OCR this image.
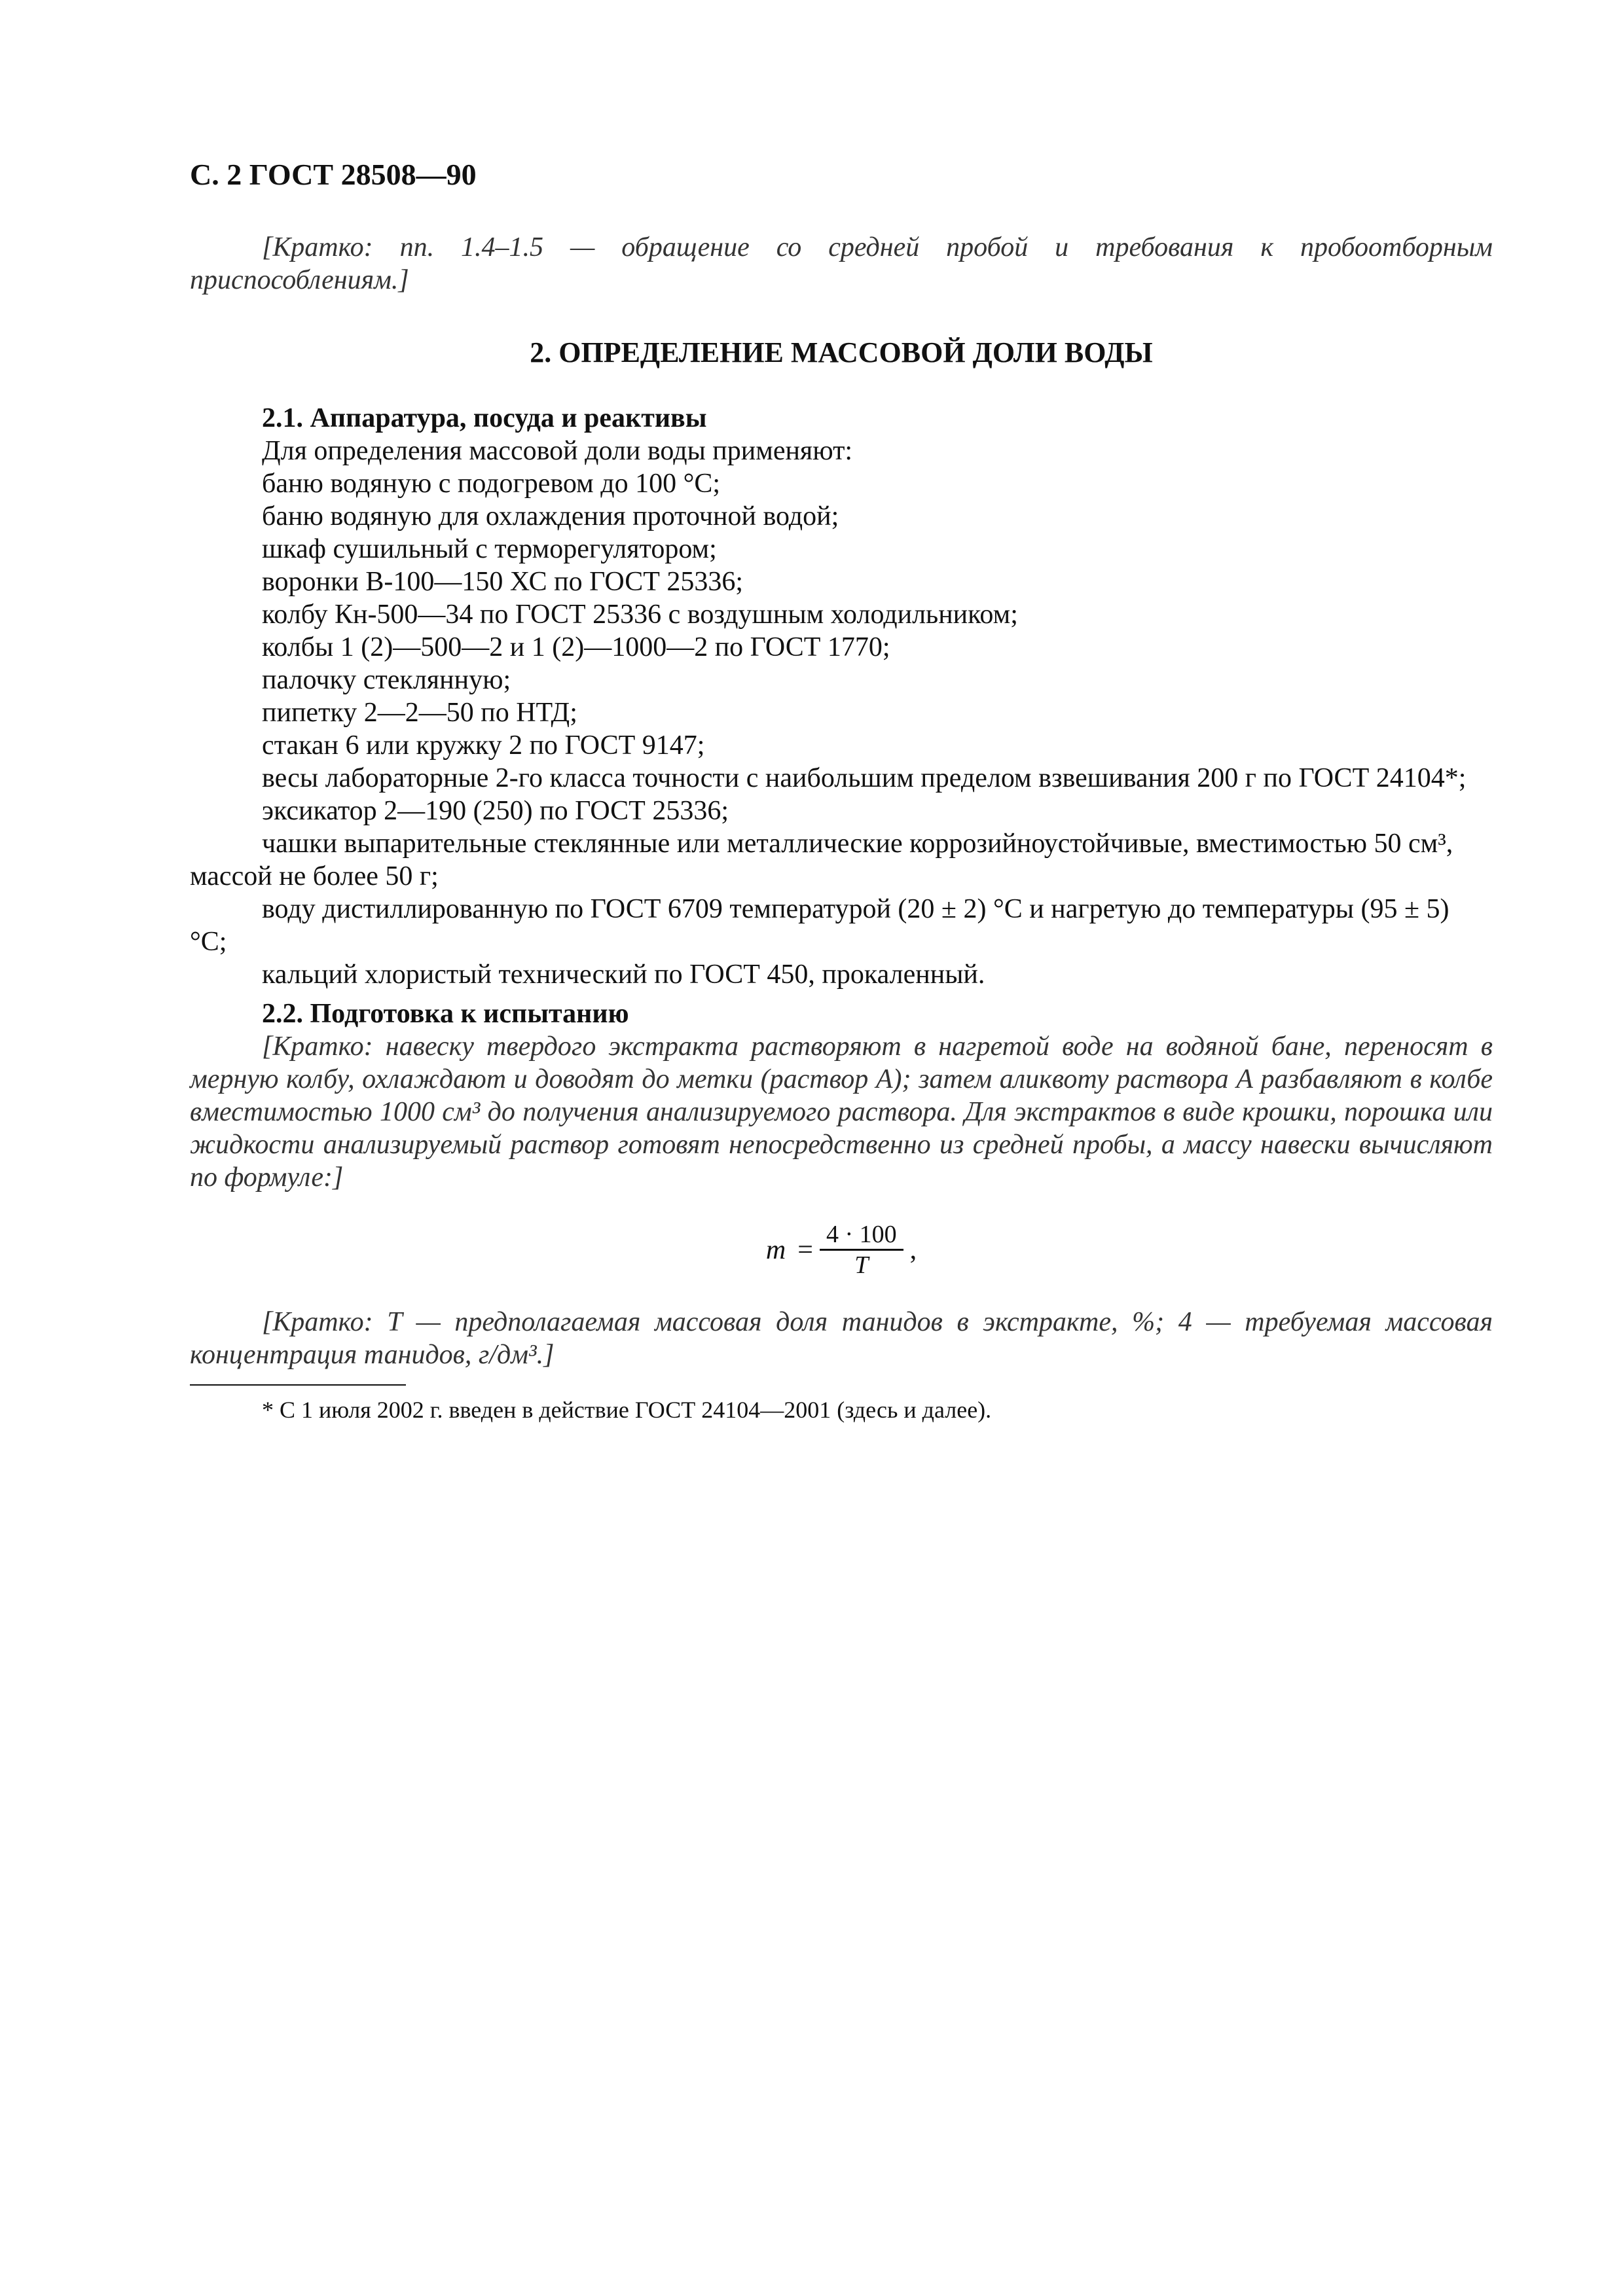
С. 2 ГОСТ 28508—90

[Кратко: пп. 1.4–1.5 — обращение со средней пробой и требования к пробоотборным приспособлениям.]

2. ОПРЕДЕЛЕНИЕ МАССОВОЙ ДОЛИ ВОДЫ
2.1. Аппаратура, посуда и реактивы

Для определения массовой доли воды применяют:

баню водяную с подогревом до 100 °С;
баню водяную для охлаждения проточной водой;
шкаф сушильный с терморегулятором;
воронки В-100—150 ХС по ГОСТ 25336;
колбу Кн-500—34 по ГОСТ 25336 с воздушным холодильником;
колбы 1 (2)—500—2 и 1 (2)—1000—2 по ГОСТ 1770;
палочку стеклянную;
пипетку 2—2—50 по НТД;
стакан 6 или кружку 2 по ГОСТ 9147;
весы лабораторные 2-го класса точности с наибольшим пределом взвешивания 200 г по ГОСТ 24104*;
эксикатор 2—190 (250) по ГОСТ 25336;
чашки выпарительные стеклянные или металлические коррозийноустойчивые, вместимостью 50 см³, массой не более 50 г;
воду дистиллированную по ГОСТ 6709 температурой (20 ± 2) °С и нагретую до температуры (95 ± 5) °С;
кальций хлористый технический по ГОСТ 450, прокаленный.
2.2. Подготовка к испытанию

[Кратко: навеску твердого экстракта растворяют в нагретой воде на водяной бане, переносят в мерную колбу, охлаждают и доводят до метки (раствор А); затем аликвоту раствора А разбавляют в колбе вместимостью 1000 см³ до получения анализируемого раствора. Для экстрактов в виде крошки, порошка или жидкости анализируемый раствор готовят непосредственно из средней пробы, а массу навески вычисляют по формуле:]

$m = \frac{4 \cdot 100}{T}$ ,

[Кратко: T — предполагаемая массовая доля танидов в экстракте, %; 4 — требуемая массовая концентрация танидов, г/дм³.]

* С 1 июля 2002 г. введен в действие ГОСТ 24104—2001 (здесь и далее).
